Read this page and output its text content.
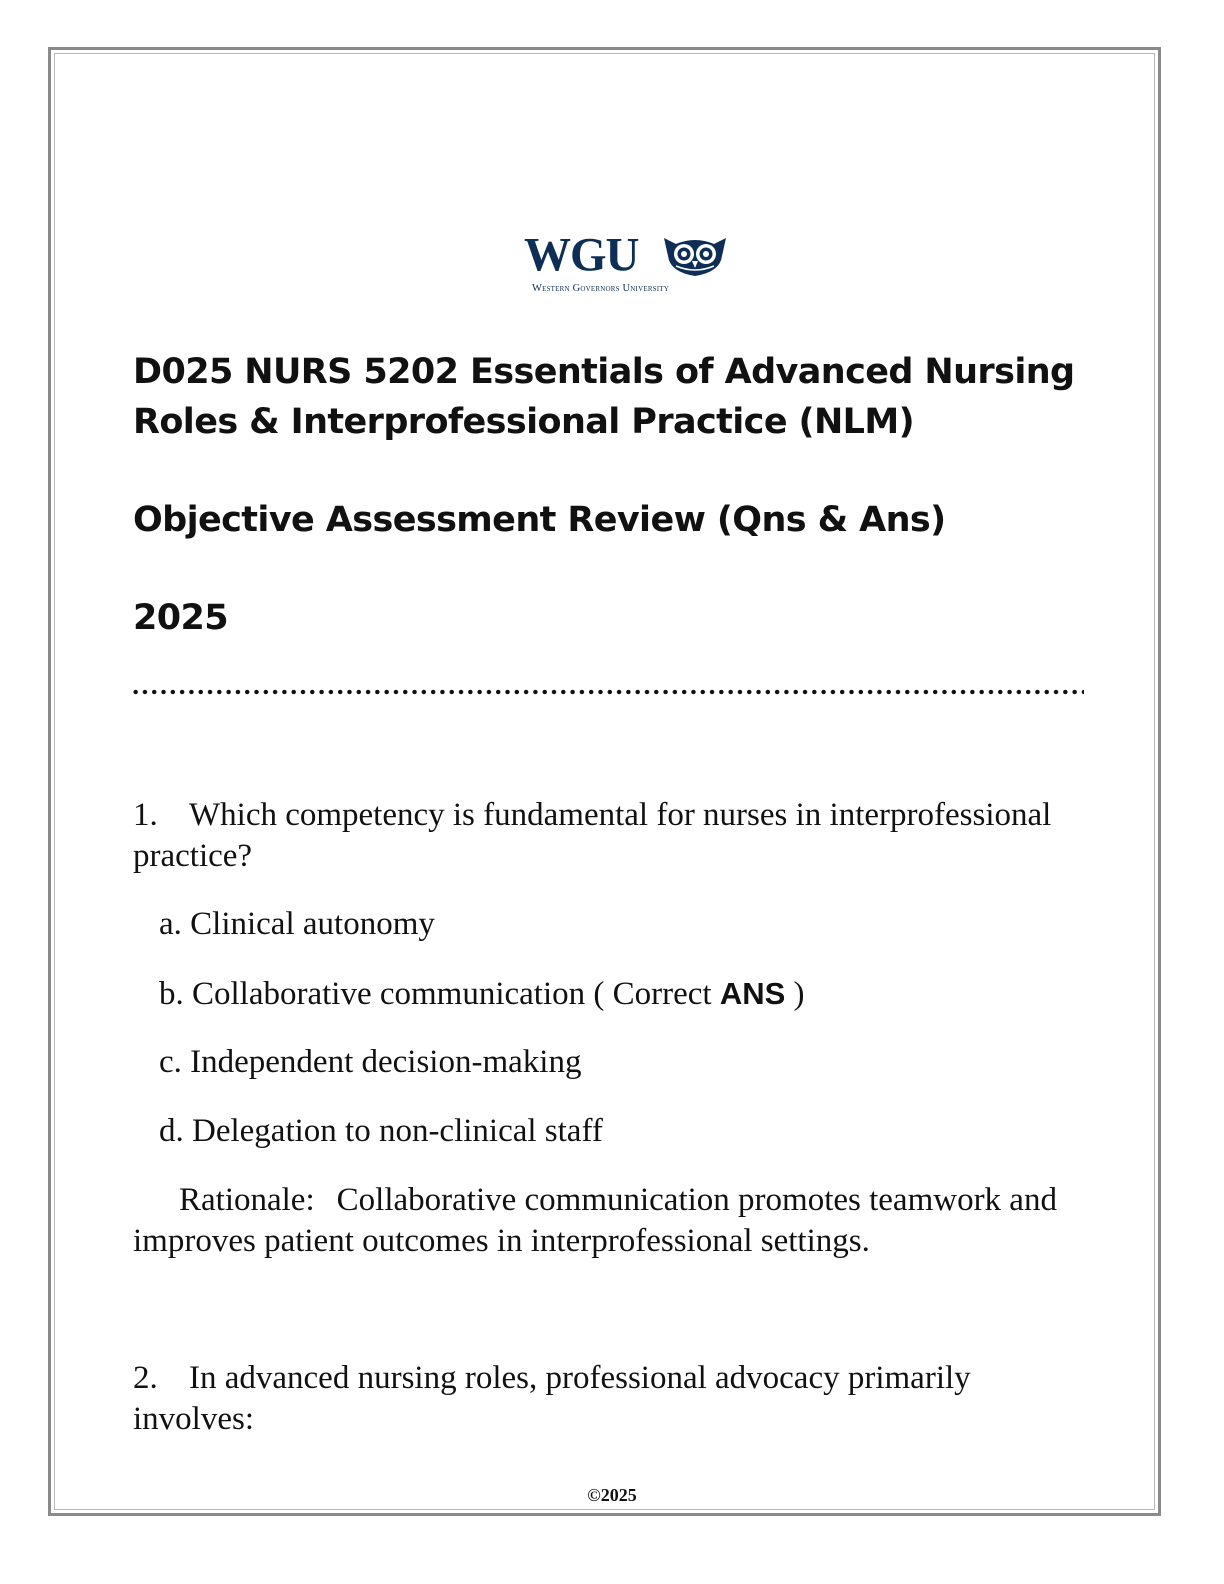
WGU
Western Governors University
D025 NURS 5202 Essentials of Advanced Nursing Roles & Interprofessional Practice (NLM)
Objective Assessment Review (Qns & Ans)
2025

1. Which competency is fundamental for nurses in interprofessional practice?

a. Clinical autonomy
b. Collaborative communication ( Correct ANS )
c. Independent decision-making
d. Delegation to non-clinical staff

Rationale: Collaborative communication promotes teamwork and improves patient outcomes in interprofessional settings.

2. In advanced nursing roles, professional advocacy primarily involves:

©2025
